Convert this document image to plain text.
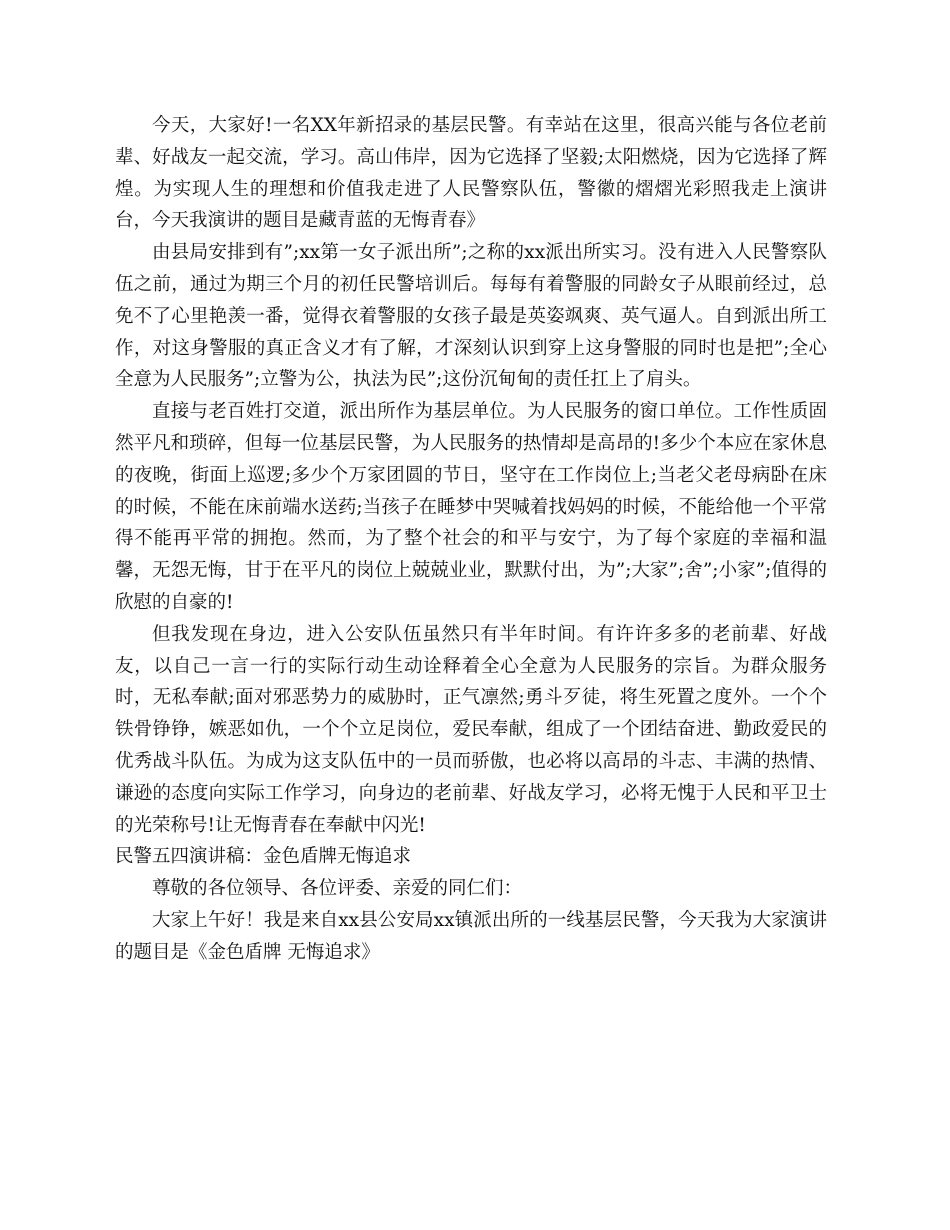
今天，大家好!一名XX年新招录的基层民警。有幸站在这里，很高兴能与各位老前辈、好战友一起交流，学习。高山伟岸，因为它选择了坚毅;太阳燃烧，因为它选择了辉煌。为实现人生的理想和价值我走进了人民警察队伍，警徽的熠熠光彩照我走上演讲台，今天我演讲的题目是藏青蓝的无悔青春》

由县局安排到有”;xx第一女子派出所”;之称的xx派出所实习。没有进入人民警察队伍之前，通过为期三个月的初任民警培训后。每每有着警服的同龄女子从眼前经过，总免不了心里艳羡一番，觉得衣着警服的女孩子最是英姿飒爽、英气逼人。自到派出所工作，对这身警服的真正含义才有了解，才深刻认识到穿上这身警服的同时也是把”;全心全意为人民服务”;立警为公，执法为民”;这份沉甸甸的责任扛上了肩头。

直接与老百姓打交道，派出所作为基层单位。为人民服务的窗口单位。工作性质固然平凡和琐碎，但每一位基层民警，为人民服务的热情却是高昂的!多少个本应在家休息的夜晚，街面上巡逻;多少个万家团圆的节日，坚守在工作岗位上;当老父老母病卧在床的时候，不能在床前端水送药;当孩子在睡梦中哭喊着找妈妈的时候，不能给他一个平常得不能再平常的拥抱。然而，为了整个社会的和平与安宁，为了每个家庭的幸福和温馨，无怨无悔，甘于在平凡的岗位上兢兢业业，默默付出，为”;大家”;舍”;小家”;值得的欣慰的自豪的!

但我发现在身边，进入公安队伍虽然只有半年时间。有许许多多的老前辈、好战友，以自己一言一行的实际行动生动诠释着全心全意为人民服务的宗旨。为群众服务时，无私奉献;面对邪恶势力的威胁时，正气凛然;勇斗歹徒，将生死置之度外。一个个铁骨铮铮，嫉恶如仇，一个个立足岗位，爱民奉献，组成了一个团结奋进、勤政爱民的优秀战斗队伍。为成为这支队伍中的一员而骄傲，也必将以高昂的斗志、丰满的热情、谦逊的态度向实际工作学习，向身边的老前辈、好战友学习，必将无愧于人民和平卫士的光荣称号!让无悔青春在奉献中闪光!

民警五四演讲稿：金色盾牌无悔追求

尊敬的各位领导、各位评委、亲爱的同仁们：

大家上午好！我是来自xx县公安局xx镇派出所的一线基层民警，今天我为大家演讲的题目是《金色盾牌 无悔追求》
